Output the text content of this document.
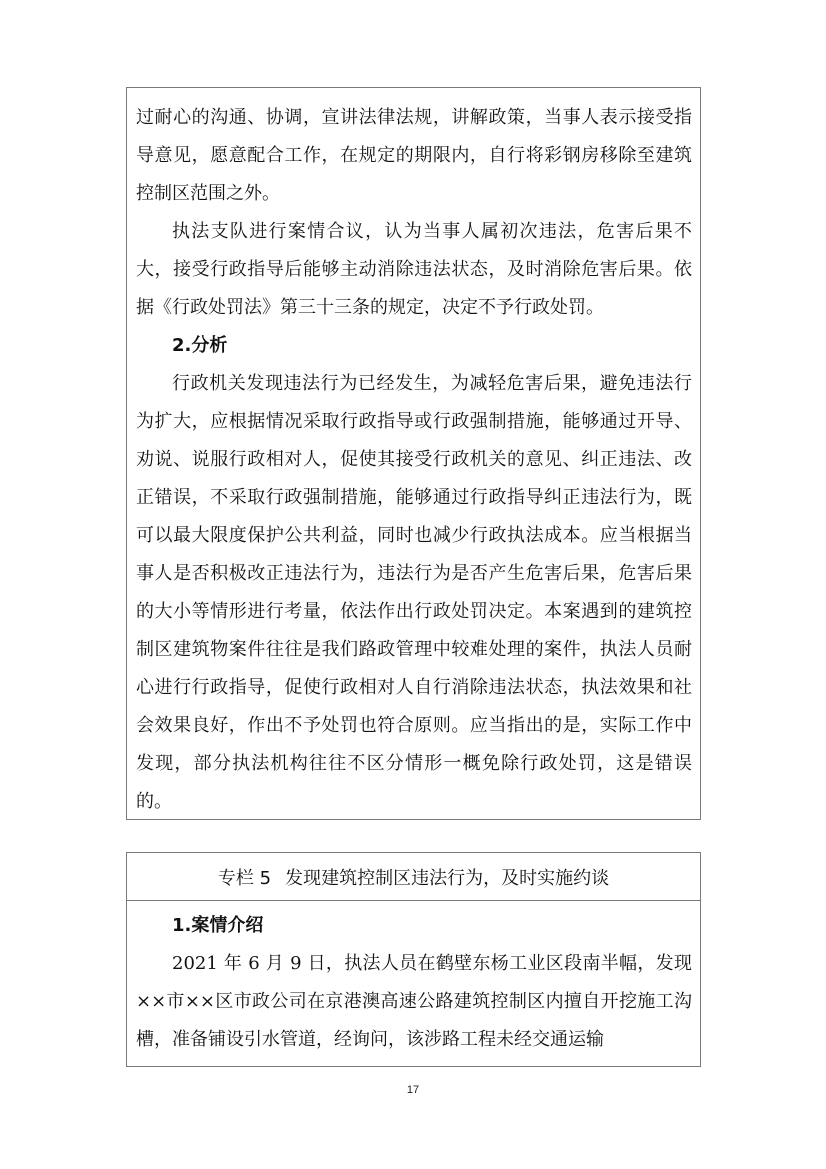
过耐心的沟通、协调，宣讲法律法规，讲解政策，当事人表示接受指导意见，愿意配合工作，在规定的期限内，自行将彩钢房移除至建筑控制区范围之外。

执法支队进行案情合议，认为当事人属初次违法，危害后果不大，接受行政指导后能够主动消除违法状态，及时消除危害后果。依据《行政处罚法》第三十三条的规定，决定不予行政处罚。

2.分析

行政机关发现违法行为已经发生，为减轻危害后果，避免违法行为扩大，应根据情况采取行政指导或行政强制措施，能够通过开导、劝说、说服行政相对人，促使其接受行政机关的意见、纠正违法、改正错误，不采取行政强制措施，能够通过行政指导纠正违法行为，既可以最大限度保护公共利益，同时也减少行政执法成本。应当根据当事人是否积极改正违法行为，违法行为是否产生危害后果，危害后果的大小等情形进行考量，依法作出行政处罚决定。本案遇到的建筑控制区建筑物案件往往是我们路政管理中较难处理的案件，执法人员耐心进行行政指导，促使行政相对人自行消除违法状态，执法效果和社会效果良好，作出不予处罚也符合原则。应当指出的是，实际工作中发现，部分执法机构往往不区分情形一概免除行政处罚，这是错误的。

专栏 5 发现建筑控制区违法行为，及时实施约谈

1.案情介绍

2021 年 6 月 9 日，执法人员在鹤壁东杨工业区段南半幅，发现××市××区市政公司在京港澳高速公路建筑控制区内擅自开挖施工沟槽，准备铺设引水管道，经询问，该涉路工程未经交通运输

17
